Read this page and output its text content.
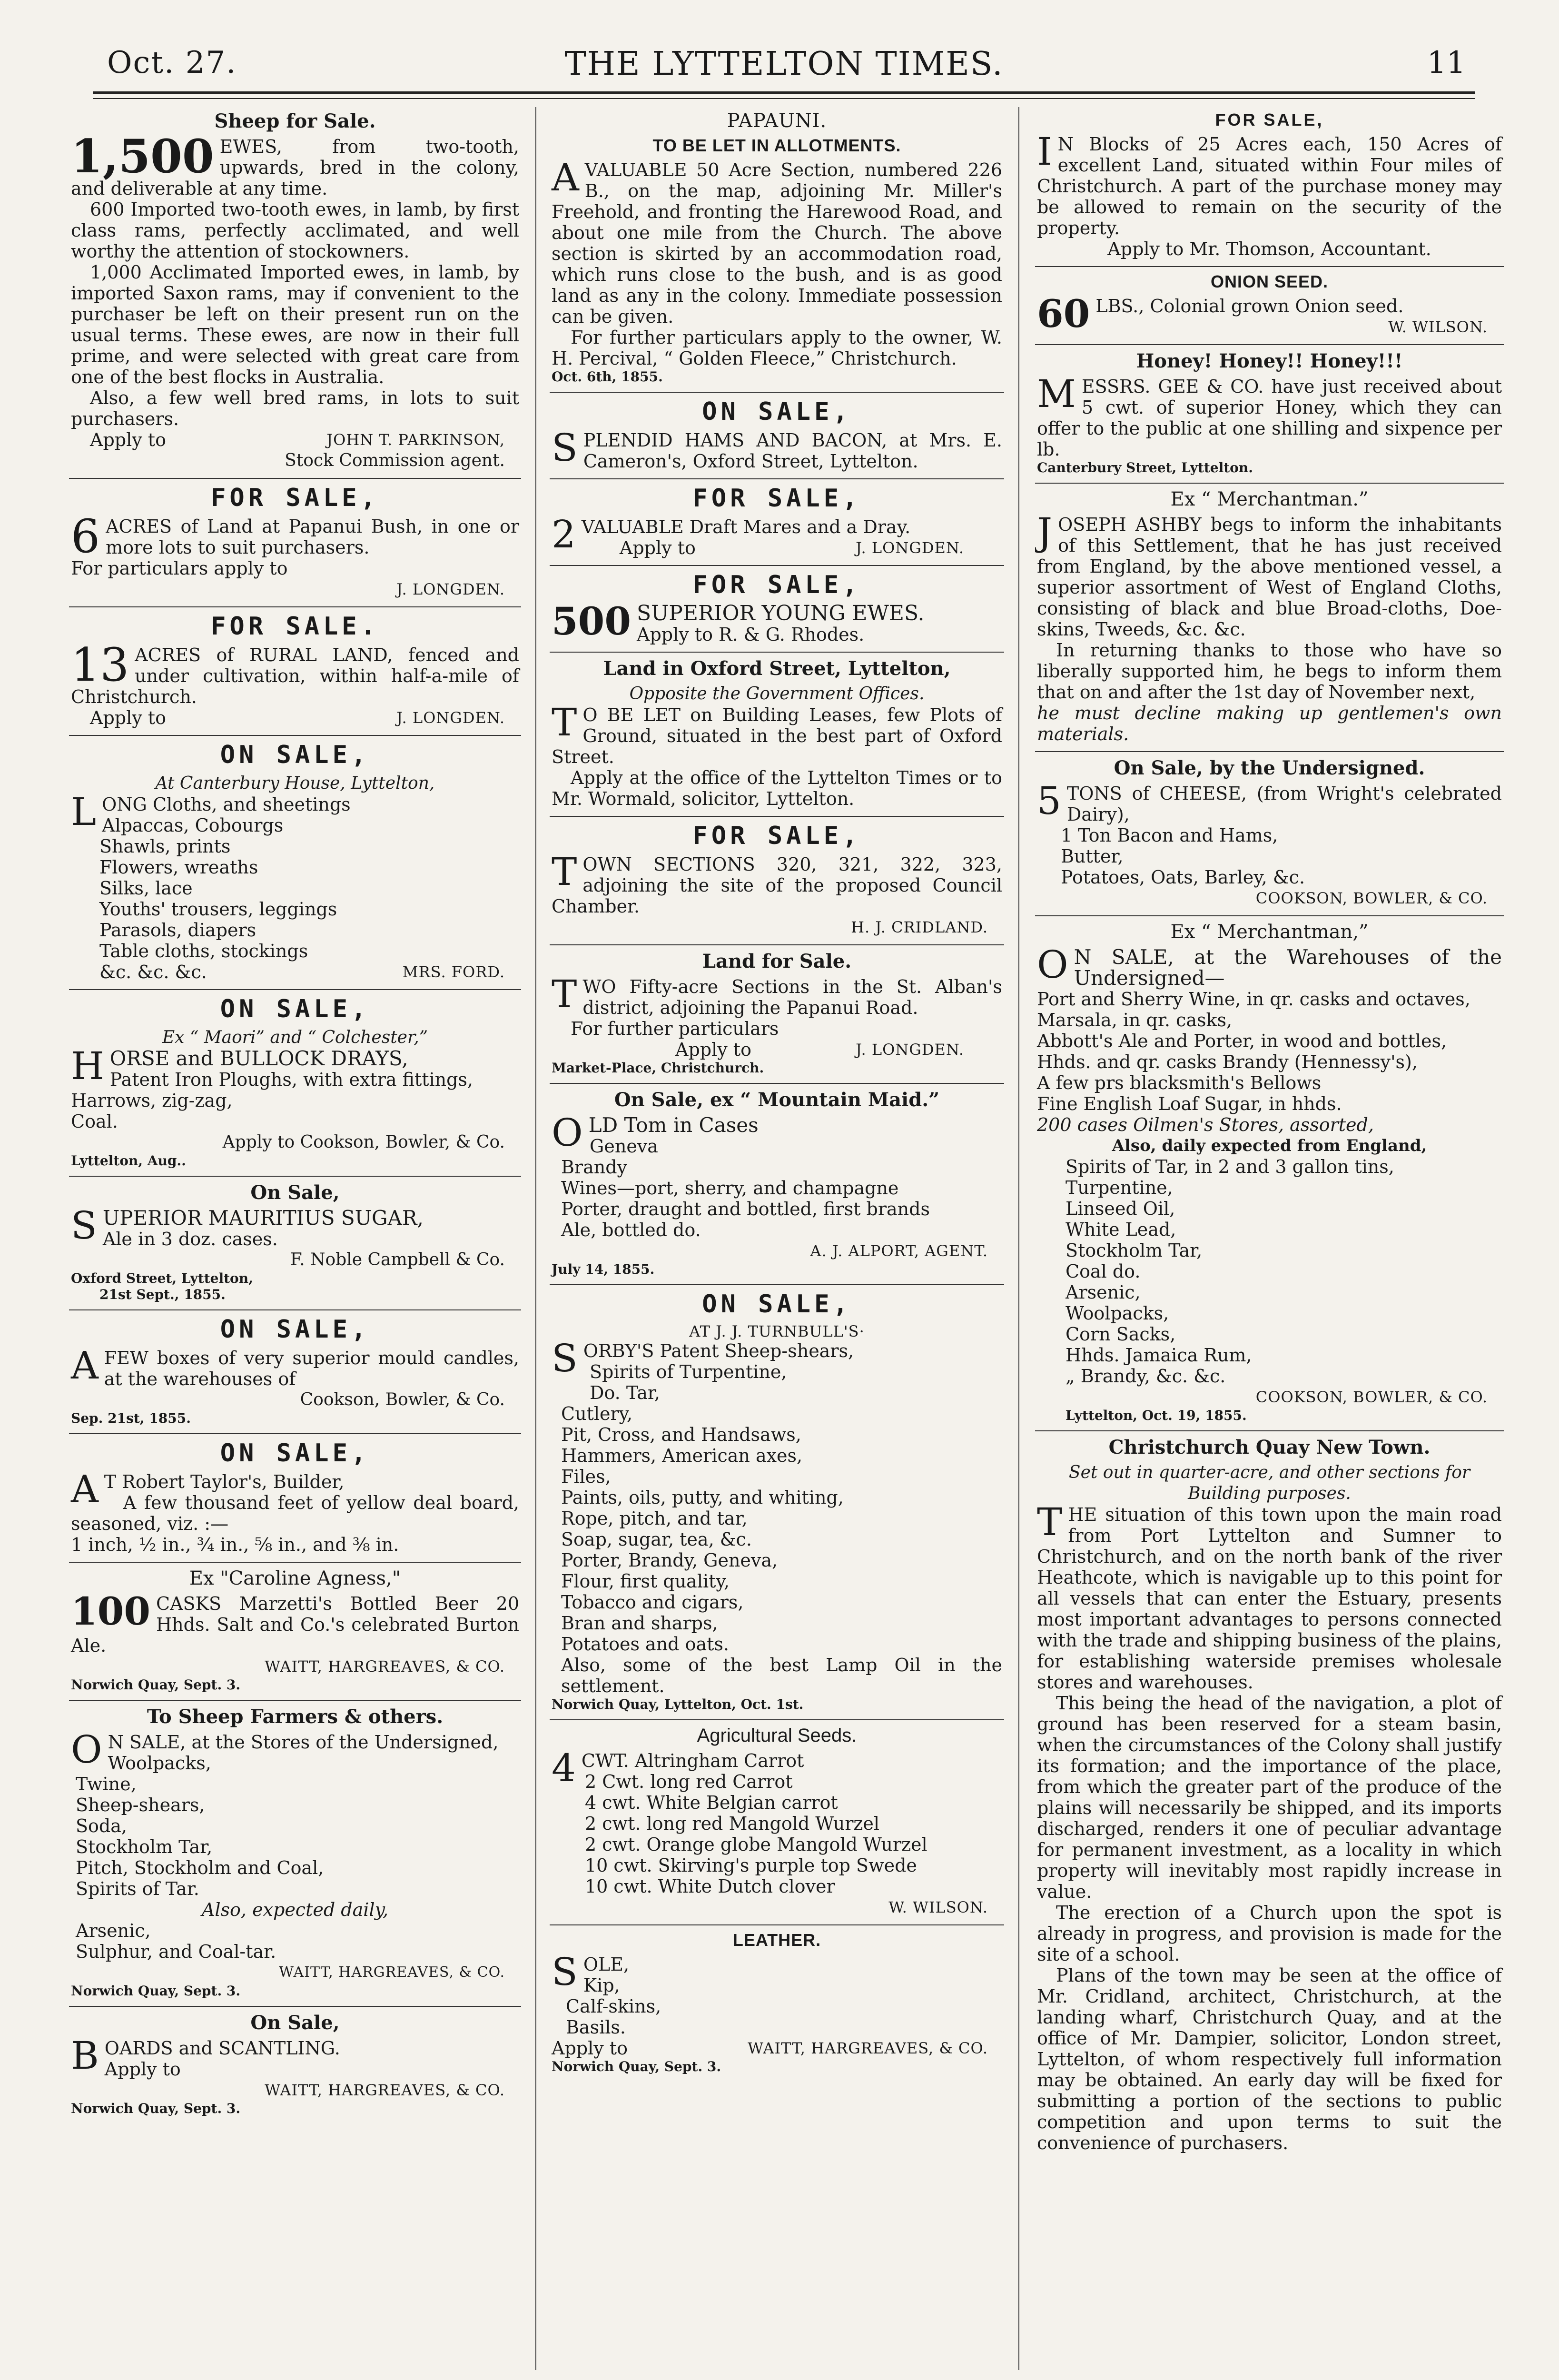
Oct. 27.	THE LYTTELTON TIMES.	11
Sheep for Sale.

1,500 EWES, from two-tooth, upwards, bred in the colony, and deliverable at any time.

600 Imported two-tooth ewes, in lamb, by first class rams, perfectly acclimated, and well worthy the attention of stockowners.

1,000 Acclimated Imported ewes, in lamb, by imported Saxon rams, may if convenient to the purchaser be left on their present run on the usual terms. These ewes, are now in their full prime, and were selected with great care from one of the best flocks in Australia.

Also, a few well bred rams, in lots to suit purchasers.

Apply to	JOHN T. PARKINSON,

Stock Commission agent.
FOR SALE,

6 ACRES of Land at Papanui Bush, in one or more lots to suit purchasers.

For particulars apply to

J. LONGDEN.
FOR SALE.

13 ACRES of RURAL LAND, fenced and under cultivation, within half-a-mile of Christchurch.

Apply to	J. LONGDEN.

ON SALE,
At Canterbury House, Lyttelton,

LONG Cloths, and sheetings

Alpaccas, Cobourgs
Shawls, prints
Flowers, wreaths
Silks, lace
Youths' trousers, leggings
Parasols, diapers
Table cloths, stockings

&c. &c. &c.	MRS. FORD.

ON SALE,
Ex “ Maori” and “ Colchester,”

HORSE and BULLOCK DRAYS,

Patent Iron Ploughs, with extra fittings,

Harrows, zig-zag,

Coal.

Apply to Cookson, Bowler, & Co.
Lyttelton, Aug..
On Sale,

SUPERIOR MAURITIUS SUGAR,

Ale in 3 doz. cases.

F. Noble Campbell & Co.
Oxford Street, Lyttelton,
21st Sept., 1855.
ON SALE,

AFEW boxes of very superior mould candles, at the warehouses of

Cookson, Bowler, & Co.
Sep. 21st, 1855.
ON SALE,

A T Robert Taylor's, Builder,

A few thousand feet of yellow deal board, seasoned, viz. :—

1 inch, ½ in., ¾ in., ⅝ in., and ⅜ in.

Ex "Caroline Agness,"

100 CASKS Marzetti's Bottled Beer 20 Hhds. Salt and Co.'s celebrated Burton Ale.

WAITT, HARGREAVES, & CO.
Norwich Quay, Sept. 3.
To Sheep Farmers & others.

O N SALE, at the Stores of the Undersigned,

Woolpacks,
Twine,
Sheep-shears,
Soda,
Stockholm Tar,
Pitch, Stockholm and Coal,
Spirits of Tar.

Also, expected daily,

Arsenic,
Sulphur, and Coal-tar.
WAITT, HARGREAVES, & CO.
Norwich Quay, Sept. 3.
On Sale,

BOARDS and SCANTLING.

Apply to

WAITT, HARGREAVES, & CO.
Norwich Quay, Sept. 3.
PAPAUNI.
TO BE LET IN ALLOTMENTS.

AVALUABLE 50 Acre Section, numbered 226 B., on the map, adjoining Mr. Miller's Freehold, and fronting the Harewood Road, and about one mile from the Church. The above section is skirted by an accommodation road, which runs close to the bush, and is as good land as any in the colony. Immediate possession can be given.

For further particulars apply to the owner, W. H. Percival, “ Golden Fleece,” Christchurch.

Oct. 6th, 1855.
ON SALE,

SPLENDID HAMS AND BACON, at Mrs. E. Cameron's, Oxford Street, Lyttelton.

FOR SALE,

2 VALUABLE Draft Mares and a Dray.

Apply to	J. LONGDEN.

FOR SALE,

500 SUPERIOR YOUNG EWES.

Apply to R. & G. Rhodes.

Land in Oxford Street, Lyttelton,
Opposite the Government Offices.

T O BE LET on Building Leases, few Plots of Ground, situated in the best part of Oxford Street.

Apply at the office of the Lyttelton Times or to Mr. Wormald, solicitor, Lyttelton.

FOR SALE,

TOWN SECTIONS 320, 321, 322, 323, adjoining the site of the proposed Council Chamber.

H. J. CRIDLAND.
Land for Sale.

TWO Fifty-acre Sections in the St. Alban's district, adjoining the Papanui Road.

For further particulars

Apply to	J. LONGDEN.

Market-Place, Christchurch.
On Sale, ex “ Mountain Maid.”

OLD Tom in Cases

Geneva
Brandy
Wines—port, sherry, and champagne
Porter, draught and bottled, first brands
Ale, bottled do.
A. J. ALPORT, AGENT.
July 14, 1855.
ON SALE,
AT J. J. TURNBULL'S·

SORBY'S Patent Sheep-shears,

Spirits of Turpentine,
Do. Tar,
Cutlery,
Pit, Cross, and Handsaws,
Hammers, American axes,
Files,
Paints, oils, putty, and whiting,
Rope, pitch, and tar,
Soap, sugar, tea, &c.
Porter, Brandy, Geneva,
Flour, first quality,
Tobacco and cigars,
Bran and sharps,
Potatoes and oats.

Also, some of the best Lamp Oil in the settlement.

Norwich Quay, Lyttelton, Oct. 1st.
Agricultural Seeds.

4 CWT. Altringham Carrot

2 Cwt. long red Carrot
4 cwt. White Belgian carrot
2 cwt. long red Mangold Wurzel
2 cwt. Orange globe Mangold Wurzel
10 cwt. Skirving's purple top Swede
10 cwt. White Dutch clover
W. WILSON.
LEATHER.

SOLE,

Kip,
Calf-skins,
Basils.

Apply to	WAITT, HARGREAVES, & CO.

Norwich Quay, Sept. 3.
FOR SALE,

I N Blocks of 25 Acres each, 150 Acres of excellent Land, situated within Four miles of Christchurch. A part of the purchase money may be allowed to remain on the security of the property.

Apply to Mr. Thomson, Accountant.

ONION SEED.

60 LBS., Colonial grown Onion seed.

W. WILSON.
Honey! Honey!! Honey!!!

MESSRS. GEE & CO. have just received about 5 cwt. of superior Honey, which they can offer to the public at one shilling and sixpence per lb.

Canterbury Street, Lyttelton.
Ex “ Merchantman.”

JOSEPH ASHBY begs to inform the inhabitants of this Settlement, that he has just received from England, by the above mentioned vessel, a superior assortment of West of England Cloths, consisting of black and blue Broad-cloths, Doe-skins, Tweeds, &c. &c.

In returning thanks to those who have so liberally supported him, he begs to inform them that on and after the 1st day of November next,

he must decline making up gentlemen's own materials.

On Sale, by the Undersigned.

5 TONS of CHEESE, (from Wright's celebrated Dairy),

1 Ton Bacon and Hams,
Butter,
Potatoes, Oats, Barley, &c.
COOKSON, BOWLER, & CO.
Ex “ Merchantman,”

O N SALE, at the Warehouses of the Undersigned—

Port and Sherry Wine, in qr. casks and octaves,
Marsala, in qr. casks,
Abbott's Ale and Porter, in wood and bottles,
Hhds. and qr. casks Brandy (Hennessy's),
A few prs blacksmith's Bellows
Fine English Loaf Sugar, in hhds.
200 cases Oilmen's Stores, assorted,

Also, daily expected from England,

Spirits of Tar, in 2 and 3 gallon tins,
Turpentine,
Linseed Oil,
White Lead,
Stockholm Tar,
Coal do.
Arsenic,
Woolpacks,
Corn Sacks,
Hhds. Jamaica Rum,
„ Brandy, &c. &c.
COOKSON, BOWLER, & CO.
Lyttelton, Oct. 19, 1855.
Christchurch Quay New Town.
Set out in quarter-acre, and other sections for Building purposes.

THE situation of this town upon the main road from Port Lyttelton and Sumner to Christchurch, and on the north bank of the river Heathcote, which is navigable up to this point for all vessels that can enter the Estuary, presents most important advantages to persons connected with the trade and shipping business of the plains, for establishing waterside premises wholesale stores and warehouses.

This being the head of the navigation, a plot of ground has been reserved for a steam basin, when the circumstances of the Colony shall justify its formation; and the importance of the place, from which the greater part of the produce of the plains will necessarily be shipped, and its imports discharged, renders it one of peculiar advantage for permanent investment, as a locality in which property will inevitably most rapidly increase in value.

The erection of a Church upon the spot is already in progress, and provision is made for the site of a school.

Plans of the town may be seen at the office of Mr. Cridland, architect, Christchurch, at the landing wharf, Christchurch Quay, and at the office of Mr. Dampier, solicitor, London street, Lyttelton, of whom respectively full information may be obtained. An early day will be fixed for submitting a portion of the sections to public competition and upon terms to suit the convenience of purchasers.
